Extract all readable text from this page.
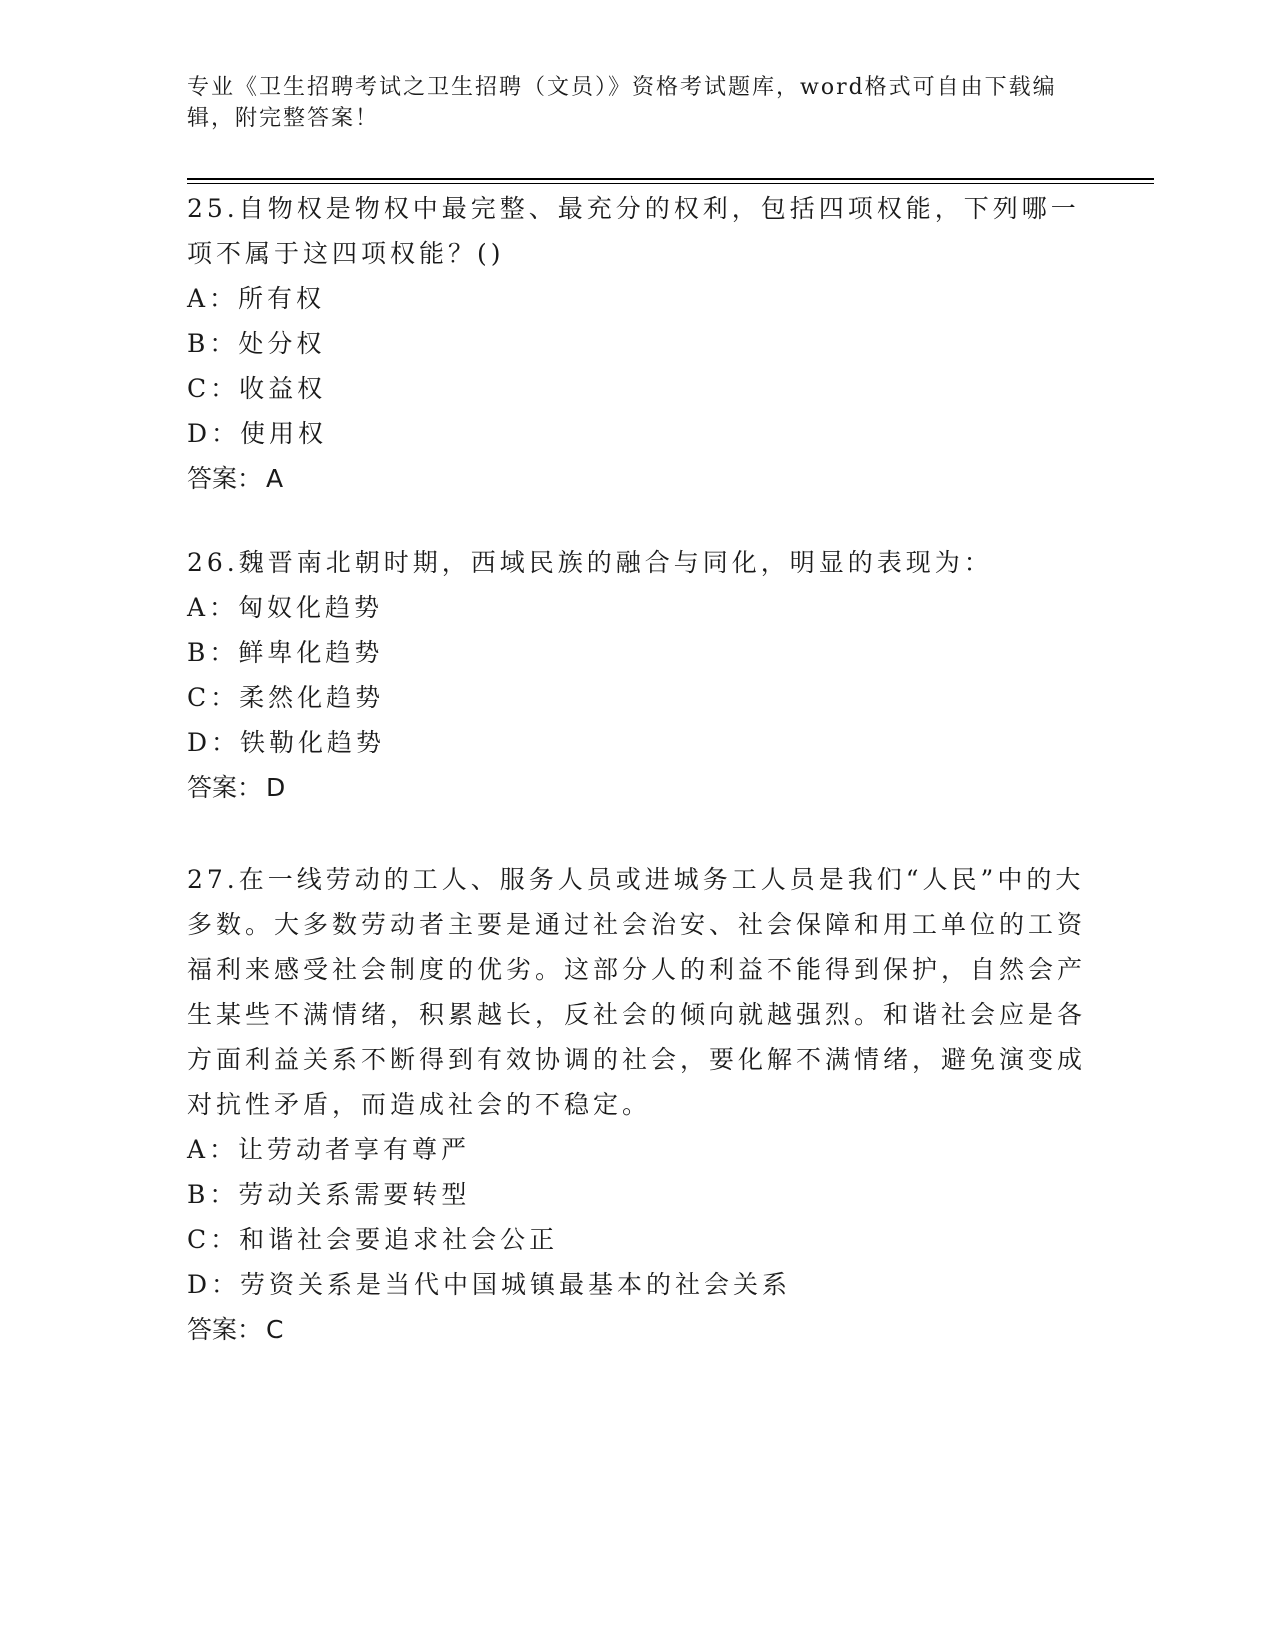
专业《卫生招聘考试之卫生招聘（文员）》资格考试题库，word格式可自由下载编辑，附完整答案！

25.自物权是物权中最完整、最充分的权利，包括四项权能，下列哪一项不属于这四项权能？()

A：所有权

B：处分权

C：收益权

D：使用权

答案： A

26.魏晋南北朝时期，西域民族的融合与同化，明显的表现为：

A：匈奴化趋势

B：鲜卑化趋势

C：柔然化趋势

D：铁勒化趋势

答案： D

27.在一线劳动的工人、服务人员或进城务工人员是我们“人民”中的大多数。大多数劳动者主要是通过社会治安、社会保障和用工单位的工资福利来感受社会制度的优劣。这部分人的利益不能得到保护，自然会产生某些不满情绪，积累越长，反社会的倾向就越强烈。和谐社会应是各方面利益关系不断得到有效协调的社会，要化解不满情绪，避免演变成对抗性矛盾，而造成社会的不稳定。

A：让劳动者享有尊严

B：劳动关系需要转型

C：和谐社会要追求社会公正

D：劳资关系是当代中国城镇最基本的社会关系

答案： C
